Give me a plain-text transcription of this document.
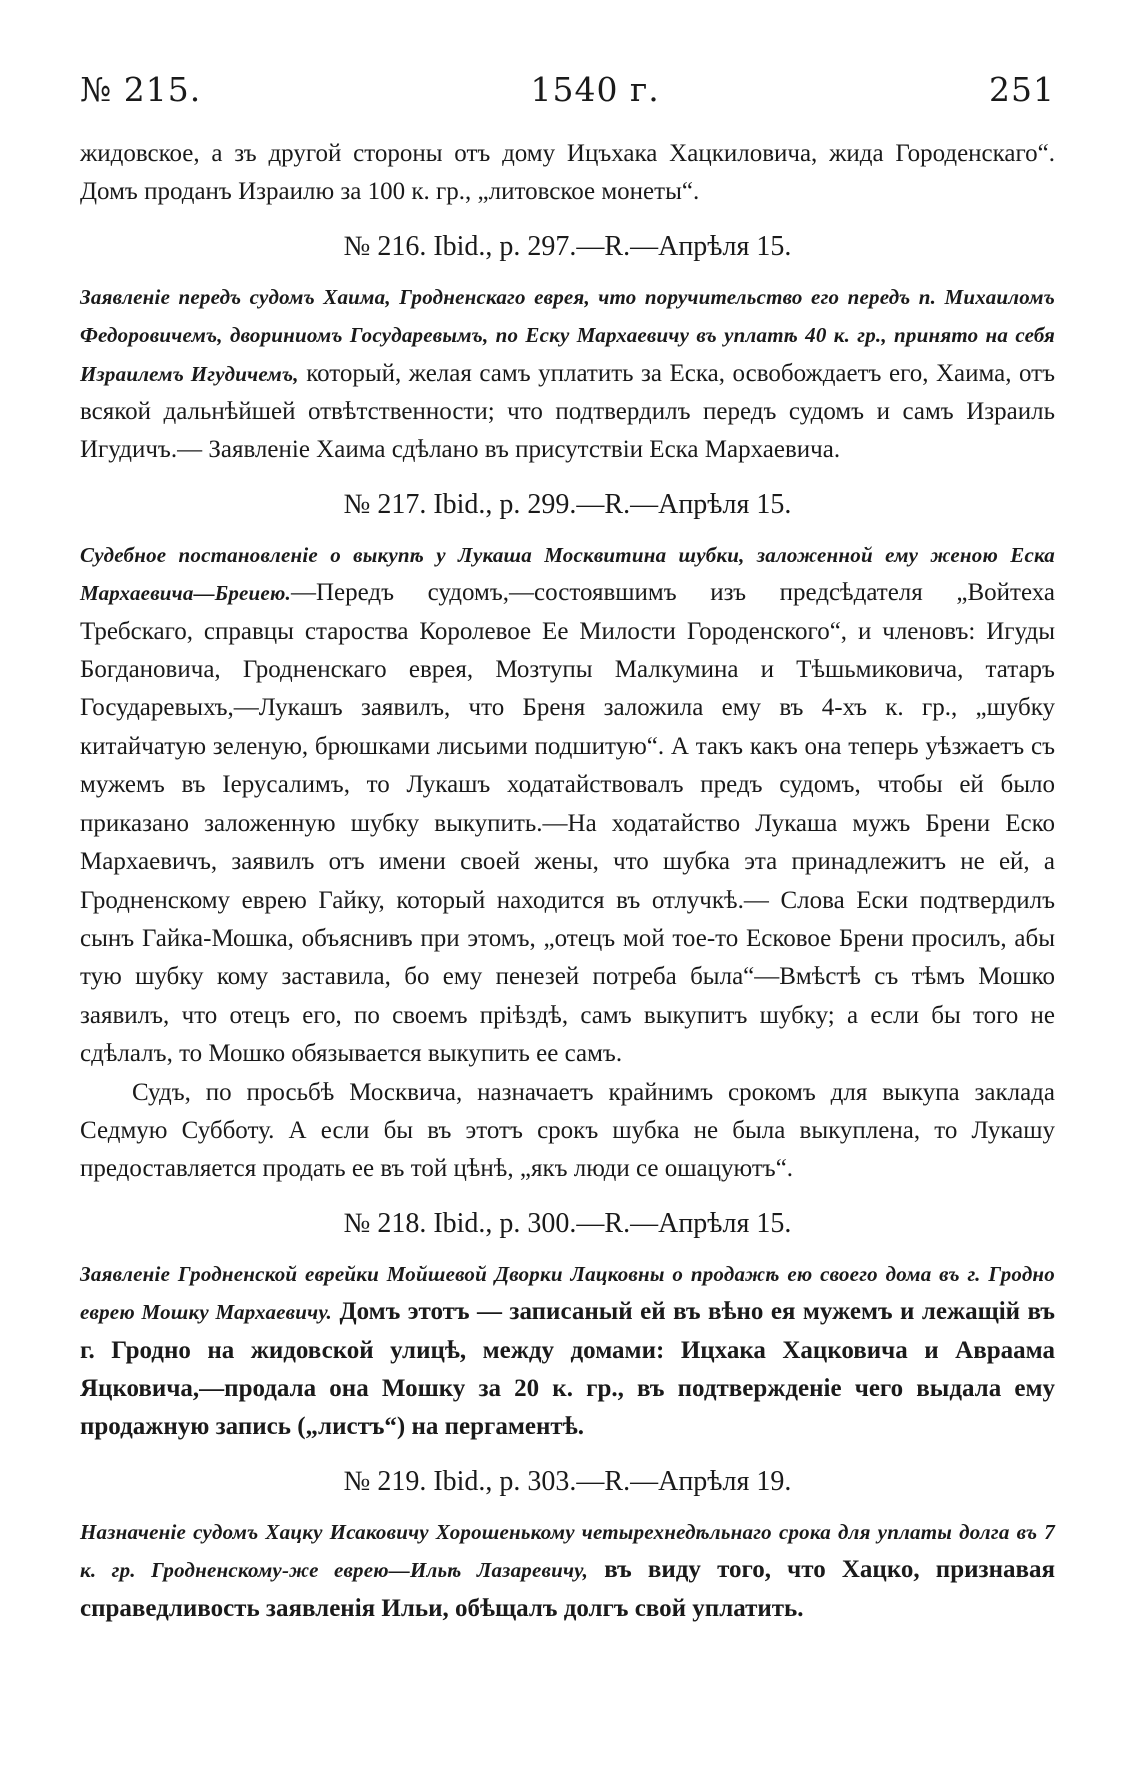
№ 215.	1540 г.	251

жидовское, а зъ другой стороны отъ дому Ицъхака Хацкиловича, жида Городенскаго“. Домъ проданъ Израилю за 100 к. гр., „литовское монеты“.

№ 216. Ibid., p. 297.—R.—Апрѣля 15.

Заявленіе передъ судомъ Хаима, Гродненскаго еврея, что поручительство его передъ п. Михаиломъ Федоровичемъ, двориниомъ Государевымъ, по Еску Мархаевичу въ уплатѣ 40 к. гр., принято на себя Израилемъ Игудичемъ, который, желая самъ уплатить за Еска, освобождаетъ его, Хаима, отъ всякой дальнѣйшей отвѣтственности; что подтвердилъ передъ судомъ и самъ Израиль Игудичъ.— Заявленіе Хаима сдѣлано въ присутствіи Еска Мархаевича.

№ 217. Ibid., p. 299.—R.—Апрѣля 15.

Судебное постановленіе о выкупѣ у Лукаша Москвитина шубки, заложенной ему женою Еска Мархаевича—Бреиею.—Передъ судомъ,—состоявшимъ изъ предсѣдателя „Войтеха Требскаго, справцы староства Королевое Ее Милости Городенского“, и членовъ: Игуды Богдановича, Гродненскаго еврея, Мозтупы Малкумина и Тѣшьмиковича, татаръ Государевыхъ,—Лукашъ заявилъ, что Бреня заложила ему въ 4-хъ к. гр., „шубку китайчатую зеленую, брюшками лисьими подшитую“. А такъ какъ она теперь уѣзжаетъ съ мужемъ въ Іерусалимъ, то Лукашъ ходатайствовалъ предъ судомъ, чтобы ей было приказано заложенную шубку выкупить.—На ходатайство Лукаша мужъ Брени Еско Мархаевичъ, заявилъ отъ имени своей жены, что шубка эта принадлежитъ не ей, а Гродненскому еврею Гайку, который находится въ отлучкѣ.— Слова Ески подтвердилъ сынъ Гайка-Мошка, объяснивъ при этомъ, „отецъ мой тое-то Есковое Брени просилъ, абы тую шубку кому заставила, бо ему пенезей потреба была“—Вмѣстѣ съ тѣмъ Мошко заявилъ, что отецъ его, по своемъ пріѣздѣ, самъ выкупитъ шубку; а если бы того не сдѣлалъ, то Мошко обязывается выкупить ее самъ.

Судъ, по просьбѣ Москвича, назначаетъ крайнимъ срокомъ для выкупа заклада Седмую Субботу. А если бы въ этотъ срокъ шубка не была выкуплена, то Лукашу предоставляется продать ее въ той цѣнѣ, „якъ люди се ошацуютъ“.

№ 218. Ibid., p. 300.—R.—Апрѣля 15.

Заявленіе Гродненской еврейки Мойшевой Дворки Лацковны о продажѣ ею своего дома въ г. Гродно еврею Мошку Мархаевичу. Домъ этотъ — записаный ей въ вѣно ея мужемъ и лежащій въ г. Гродно на жидовской улицѣ, между домами: Ицхака Хацковича и Авраама Яцковича,—продала она Мошку за 20 к. гр., въ подтвержденіе чего выдала ему продажную запись („листъ“) на пергаментѣ.

№ 219. Ibid., p. 303.—R.—Апрѣля 19.

Назначеніе судомъ Хацку Исаковичу Хорошенькому четырехнедѣльнаго срока для уплаты долга въ 7 к. гр. Гродненскому-же еврею—Ильѣ Лазаревичу, въ виду того, что Хацко, признавая справедливость заявленія Ильи, обѣщалъ долгъ свой уплатить.
